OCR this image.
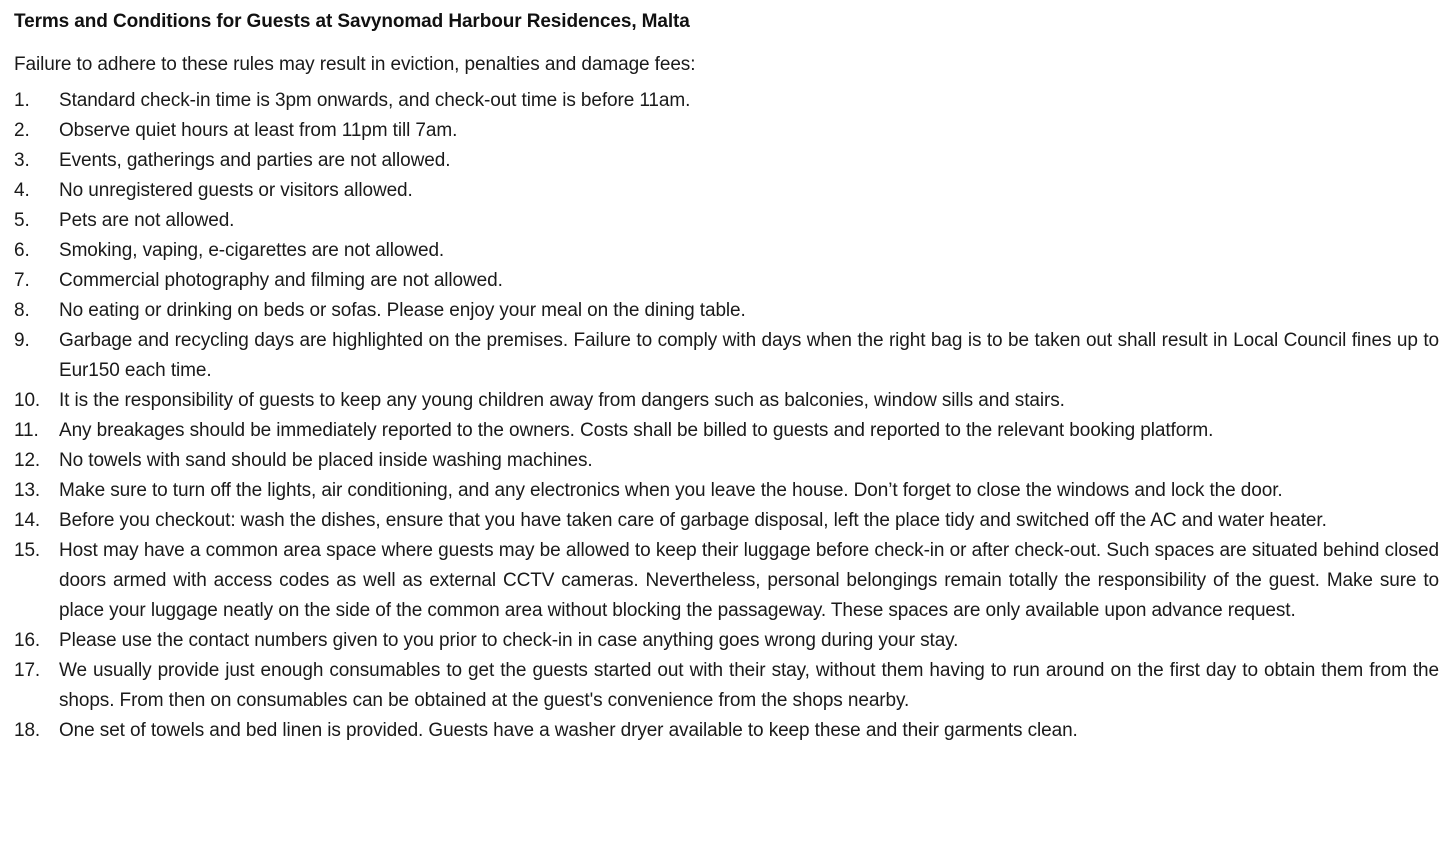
Terms and Conditions for Guests at Savynomad Harbour Residences, Malta

Failure to adhere to these rules may result in eviction, penalties and damage fees:

1.	Standard check-in time is 3pm onwards, and check-out time is before 11am.
2.	Observe quiet hours at least from 11pm till 7am.
3.	Events, gatherings and parties are not allowed.
4.	No unregistered guests or visitors allowed.
5.	Pets are not allowed.
6.	Smoking, vaping, e-cigarettes are not allowed.
7.	Commercial photography and filming are not allowed.
8.	No eating or drinking on beds or sofas. Please enjoy your meal on the dining table.
9.	Garbage and recycling days are highlighted on the premises. Failure to comply with days when the right bag is to be taken out shall result in Local Council fines up to Eur150 each time.
10. It is the responsibility of guests to keep any young children away from dangers such as balconies, window sills and stairs.
11.	Any breakages should be immediately reported to the owners. Costs shall be billed to guests and reported to the relevant booking platform.
12. No towels with sand should be placed inside washing machines.
13. Make sure to turn off the lights, air conditioning, and any electronics when you leave the house. Don’t forget to close the windows and lock the door.
14. Before you checkout: wash the dishes, ensure that you have taken care of garbage disposal, left the place tidy and switched off the AC and water heater.
15. Host may have a common area space where guests may be allowed to keep their luggage before check-in or after check-out. Such spaces are situated behind closed doors armed with access codes as well as external CCTV cameras. Nevertheless, personal belongings remain totally the responsibility of the guest. Make sure to place your luggage neatly on the side of the common area without blocking the passageway. These spaces are only available upon advance request.
16. Please use the contact numbers given to you prior to check-in in case anything goes wrong during your stay.
17. We usually provide just enough consumables to get the guests started out with their stay, without them having to run around on the first day to obtain them from the shops. From then on consumables can be obtained at the guest's convenience from the shops nearby.
18. One set of towels and bed linen is provided. Guests have a washer dryer available to keep these and their garments clean.
